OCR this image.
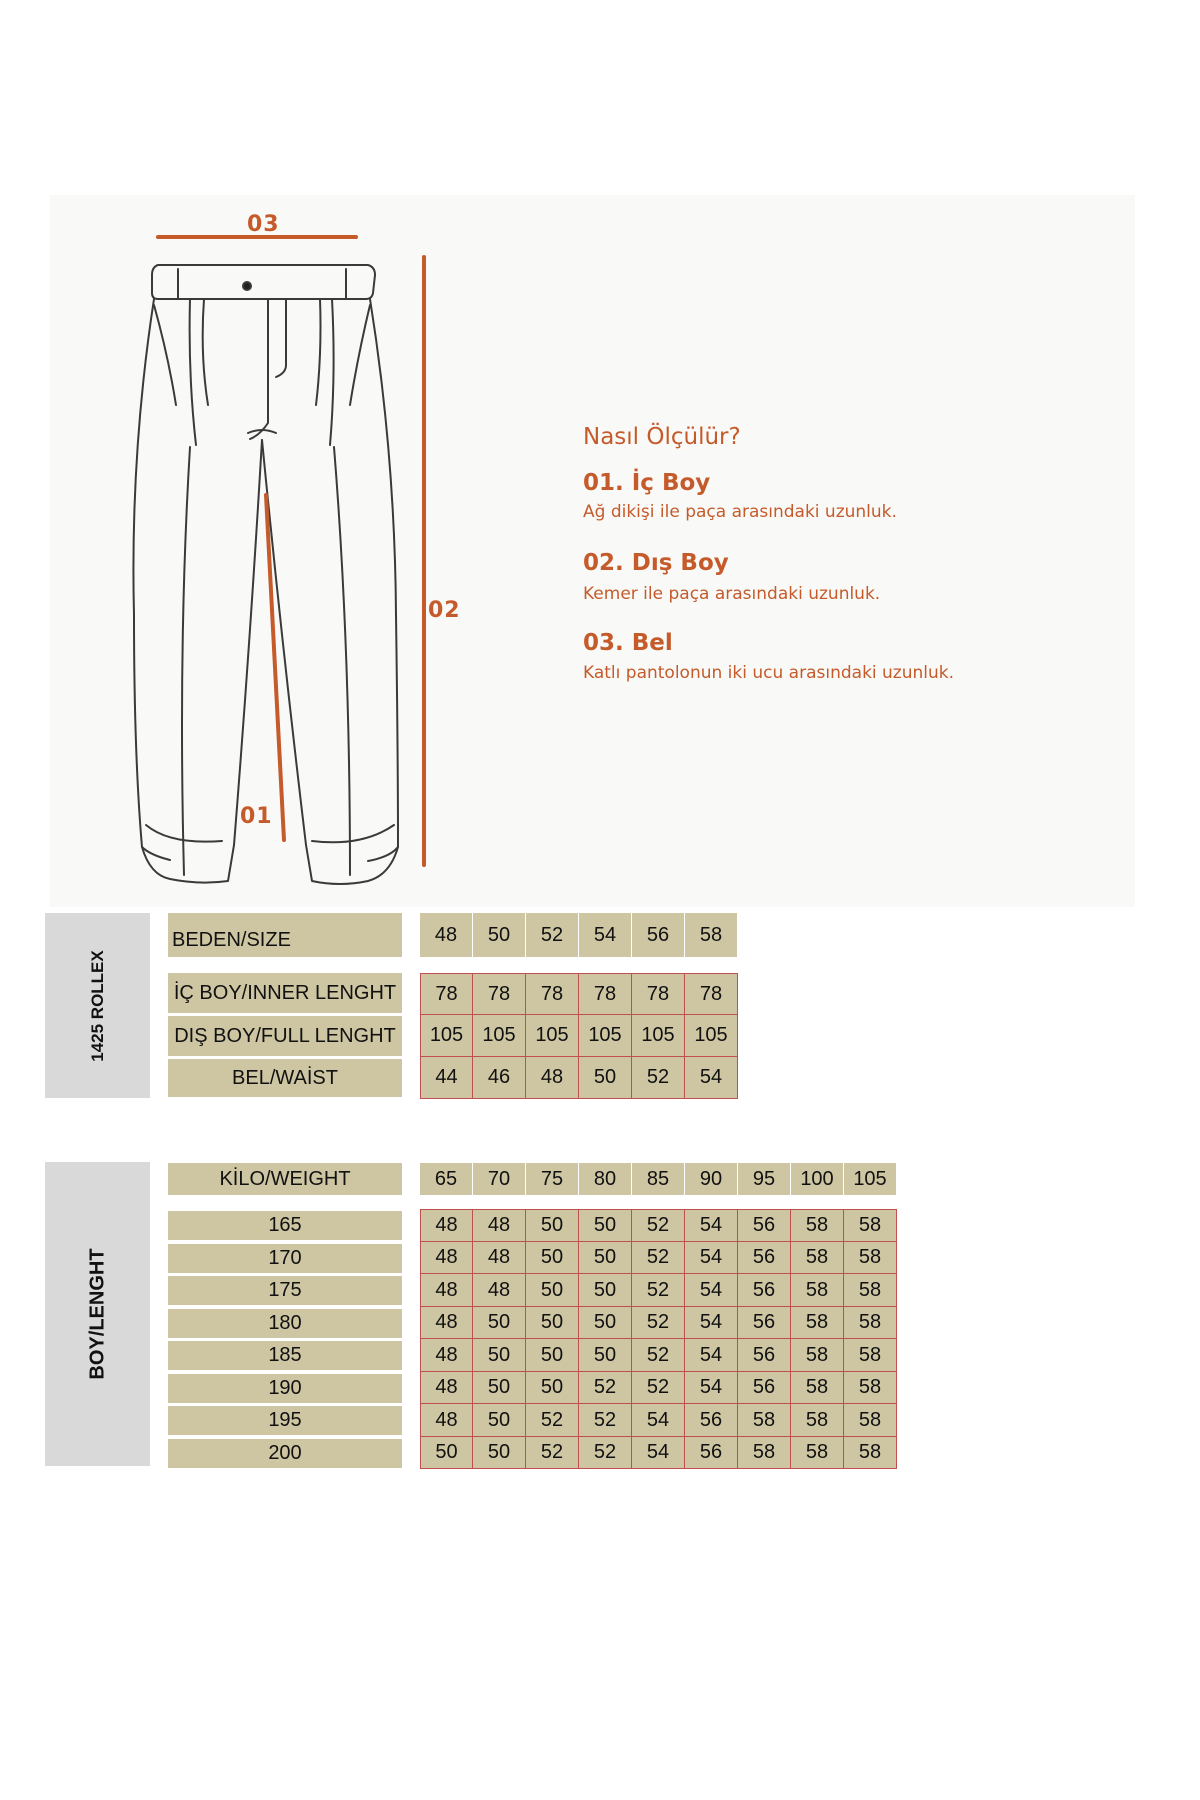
03
02
01
Nasıl Ölçülür?
01. İç Boy
Ağ dikişi ile paça arasındaki uzunluk.
02. Dış Boy
Kemer ile paça arasındaki uzunluk.
03. Bel
Katlı pantolonun iki ucu arasındaki uzunluk.
1425 ROLLEX
BEDEN/SIZE	48	50	52	54	56	58
İÇ BOY/INNER LENGHT	78	78	78	78	78	78
DIŞ BOY/FULL LENGHT	105 105 105 105 105 105
BEL/WAİST	44	46	48	50	52	54
BOY/LENGHT
KİLO/WEIGHT	65	70	75	80	85	90	95	100 105
165	48	48	50	50	52	54	56	58	58
170	48	48	50	50	52	54	56	58	58
175	48	48	50	50	52	54	56	58	58
180	48	50	50	50	52	54	56	58	58
185	48	50	50	50	52	54	56	58	58
190	48	50	50	52	52	54	56	58	58
195	48	50	52	52	54	56	58	58	58
200	50	50	52	52	54	56	58	58	58
